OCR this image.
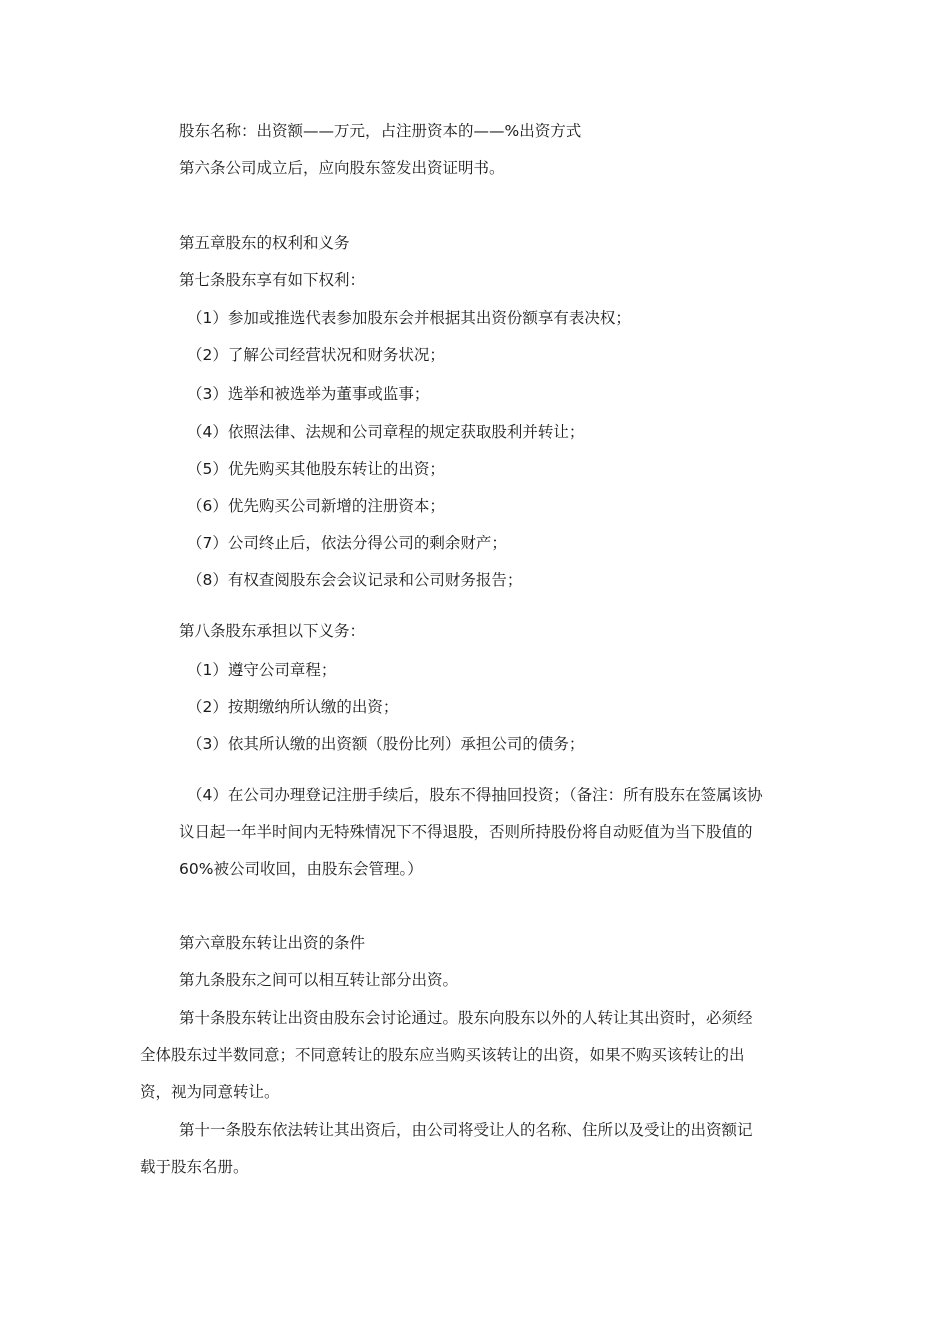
股东名称：出资额——万元，占注册资本的——%出资方式
第六条公司成立后，应向股东签发出资证明书。
第五章股东的权利和义务
第七条股东享有如下权利：
（1）参加或推选代表参加股东会并根据其出资份额享有表决权；
（2）了解公司经营状况和财务状况；
（3）选举和被选举为董事或监事；
（4）依照法律、法规和公司章程的规定获取股利并转让；
（5）优先购买其他股东转让的出资；
（6）优先购买公司新增的注册资本；
（7）公司终止后，依法分得公司的剩余财产；
（8）有权查阅股东会会议记录和公司财务报告；
第八条股东承担以下义务：
（1）遵守公司章程；
（2）按期缴纳所认缴的出资；
（3）依其所认缴的出资额（股份比列）承担公司的债务；
（4）在公司办理登记注册手续后，股东不得抽回投资；（备注：所有股东在签属该协
议日起一年半时间内无特殊情况下不得退股，否则所持股份将自动贬值为当下股值的
60%被公司收回，由股东会管理。）
第六章股东转让出资的条件
第九条股东之间可以相互转让部分出资。
第十条股东转让出资由股东会讨论通过。股东向股东以外的人转让其出资时，必须经
全体股东过半数同意；不同意转让的股东应当购买该转让的出资，如果不购买该转让的出
资，视为同意转让。
第十一条股东依法转让其出资后，由公司将受让人的名称、住所以及受让的出资额记
载于股东名册。
